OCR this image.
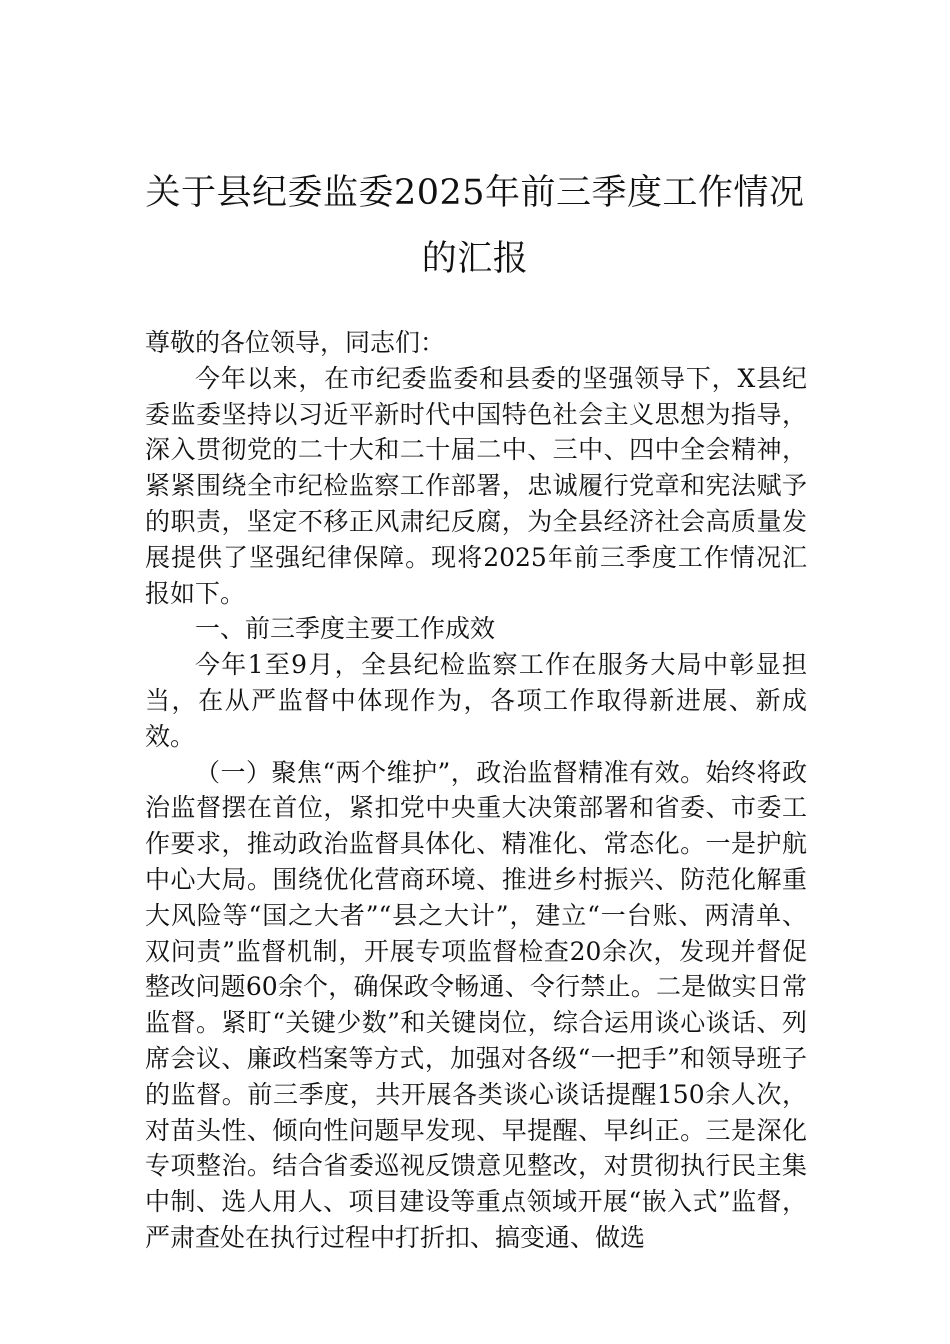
关于县纪委监委2025年前三季度工作情况
的汇报

尊敬的各位领导，同志们：

今年以来，在市纪委监委和县委的坚强领导下，X县纪委监委坚持以习近平新时代中国特色社会主义思想为指导，深入贯彻党的二十大和二十届二中、三中、四中全会精神，紧紧围绕全市纪检监察工作部署，忠诚履行党章和宪法赋予的职责，坚定不移正风肃纪反腐，为全县经济社会高质量发展提供了坚强纪律保障。现将2025年前三季度工作情况汇报如下。

一、前三季度主要工作成效

今年1至9月，全县纪检监察工作在服务大局中彰显担当，在从严监督中体现作为，各项工作取得新进展、新成效。

（一）聚焦“两个维护”，政治监督精准有效。始终将政治监督摆在首位，紧扣党中央重大决策部署和省委、市委工作要求，推动政治监督具体化、精准化、常态化。一是护航中心大局。围绕优化营商环境、推进乡村振兴、防范化解重大风险等“国之大者”“县之大计”，建立“一台账、两清单、双问责”监督机制，开展专项监督检查20余次，发现并督促整改问题60余个，确保政令畅通、令行禁止。二是做实日常监督。紧盯“关键少数”和关键岗位，综合运用谈心谈话、列席会议、廉政档案等方式，加强对各级“一把手”和领导班子的监督。前三季度，共开展各类谈心谈话提醒150余人次，对苗头性、倾向性问题早发现、早提醒、早纠正。三是深化专项整治。结合省委巡视反馈意见整改，对贯彻执行民主集中制、选人用人、项目建设等重点领域开展“嵌入式”监督，严肃查处在执行过程中打折扣、搞变通、做选
